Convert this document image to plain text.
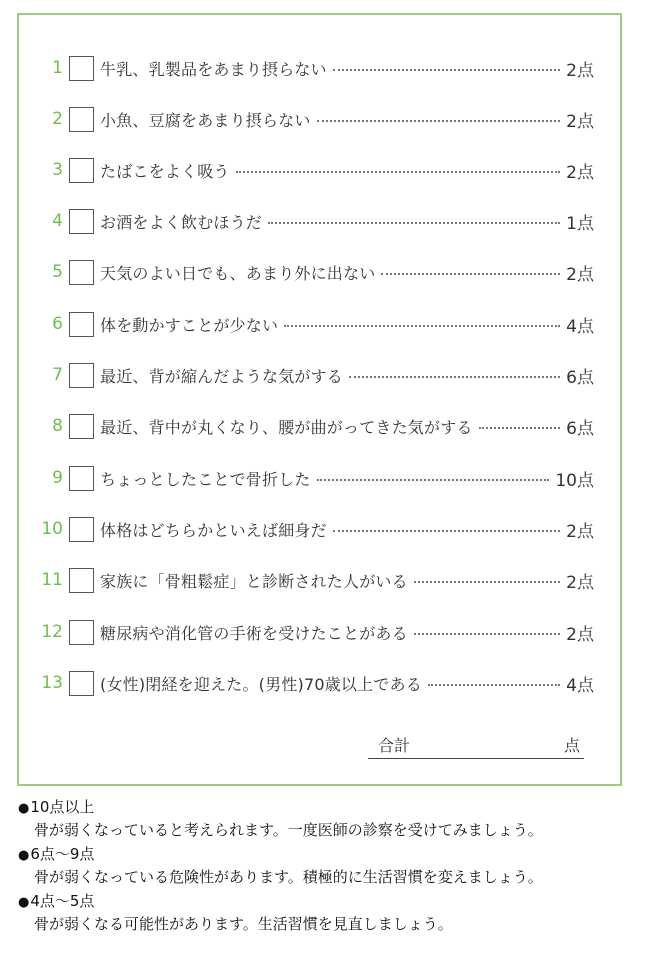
1	牛乳、乳製品をあまり摂らない	2点
2	小魚、豆腐をあまり摂らない	2点
3	たばこをよく吸う	2点
4	お酒をよく飲むほうだ	1点
5	天気のよい日でも、あまり外に出ない	2点
6	体を動かすことが少ない	4点
7	最近、背が縮んだような気がする	6点
8	最近、背中が丸くなり、腰が曲がってきた気がする	6点
9	ちょっとしたことで骨折した	10点
10	体格はどちらかといえば細身だ	2点
11	家族に「骨粗鬆症」と診断された人がいる	2点
12	糖尿病や消化管の手術を受けたことがある	2点
13	(女性)閉経を迎えた。(男性)70歳以上である	4点
合計	点
●10点以上
骨が弱くなっていると考えられます。一度医師の診察を受けてみましょう。
●6点～9点
骨が弱くなっている危険性があります。積極的に生活習慣を変えましょう。
●4点～5点
骨が弱くなる可能性があります。生活習慣を見直しましょう。
